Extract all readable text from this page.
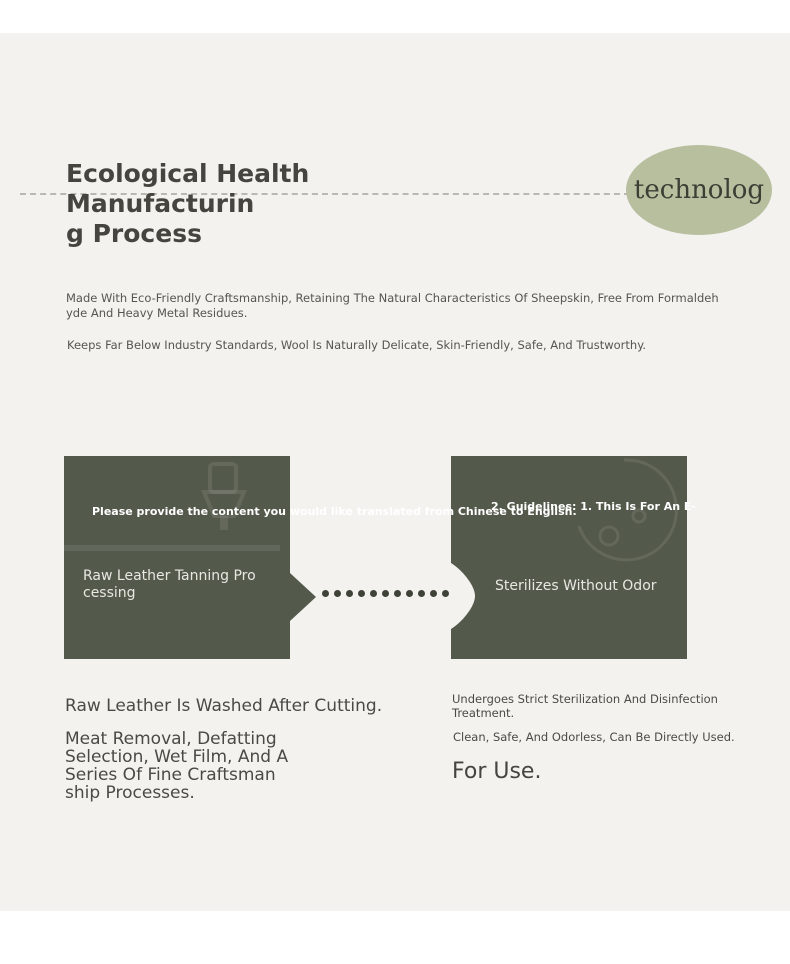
Ecological Health Manufacturin
g Process
technolog
Made With Eco-Friendly Craftsmanship, Retaining The Natural Characteristics Of Sheepskin, Free From Formaldeh
yde And Heavy Metal Residues.
Keeps Far Below Industry Standards, Wool Is Naturally Delicate, Skin-Friendly, Safe, And Trustworthy.
Raw Leather Tanning Pro
cessing	Sterilizes Without Odor
Please provide the content you would like translated from Chinese to English.
2. Guidelines: 1. This Is For An E-
Raw Leather Is Washed After Cutting.
Meat Removal, Defatting
Selection, Wet Film, And A
Series Of Fine Craftsman
ship Processes.
Undergoes Strict Sterilization And Disinfection
Treatment.
Clean, Safe, And Odorless, Can Be Directly Used.
For Use.
